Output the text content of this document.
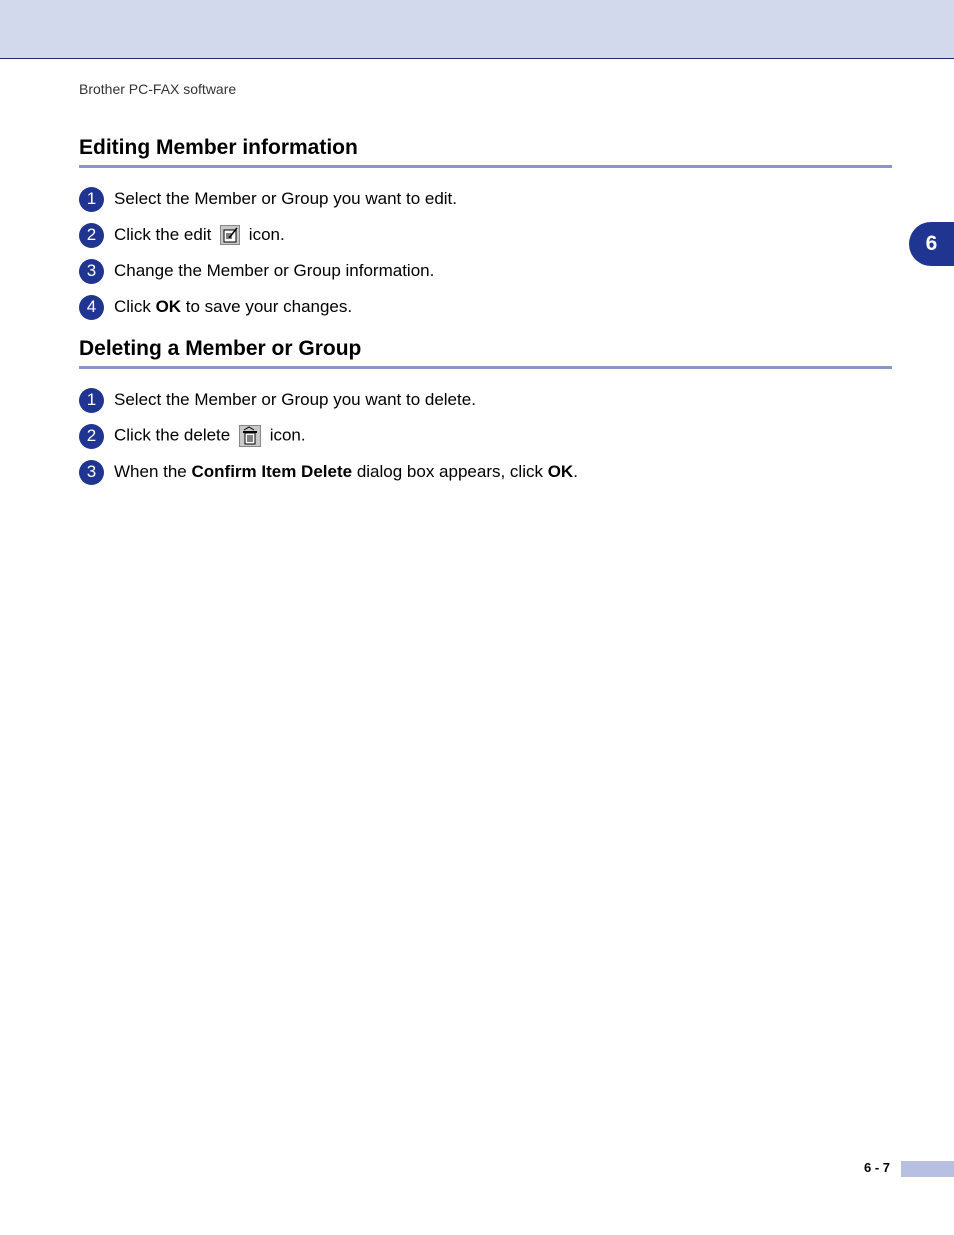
Brother PC-FAX software
6
Editing Member information
1	Select the Member or Group you want to edit.
2	Click the edit icon.
3	Change the Member or Group information.
4	Click OK to save your changes.
Deleting a Member or Group
1	Select the Member or Group you want to delete.
2	Click the delete icon.
3	When the Confirm Item Delete dialog box appears, click OK.
6 - 7
